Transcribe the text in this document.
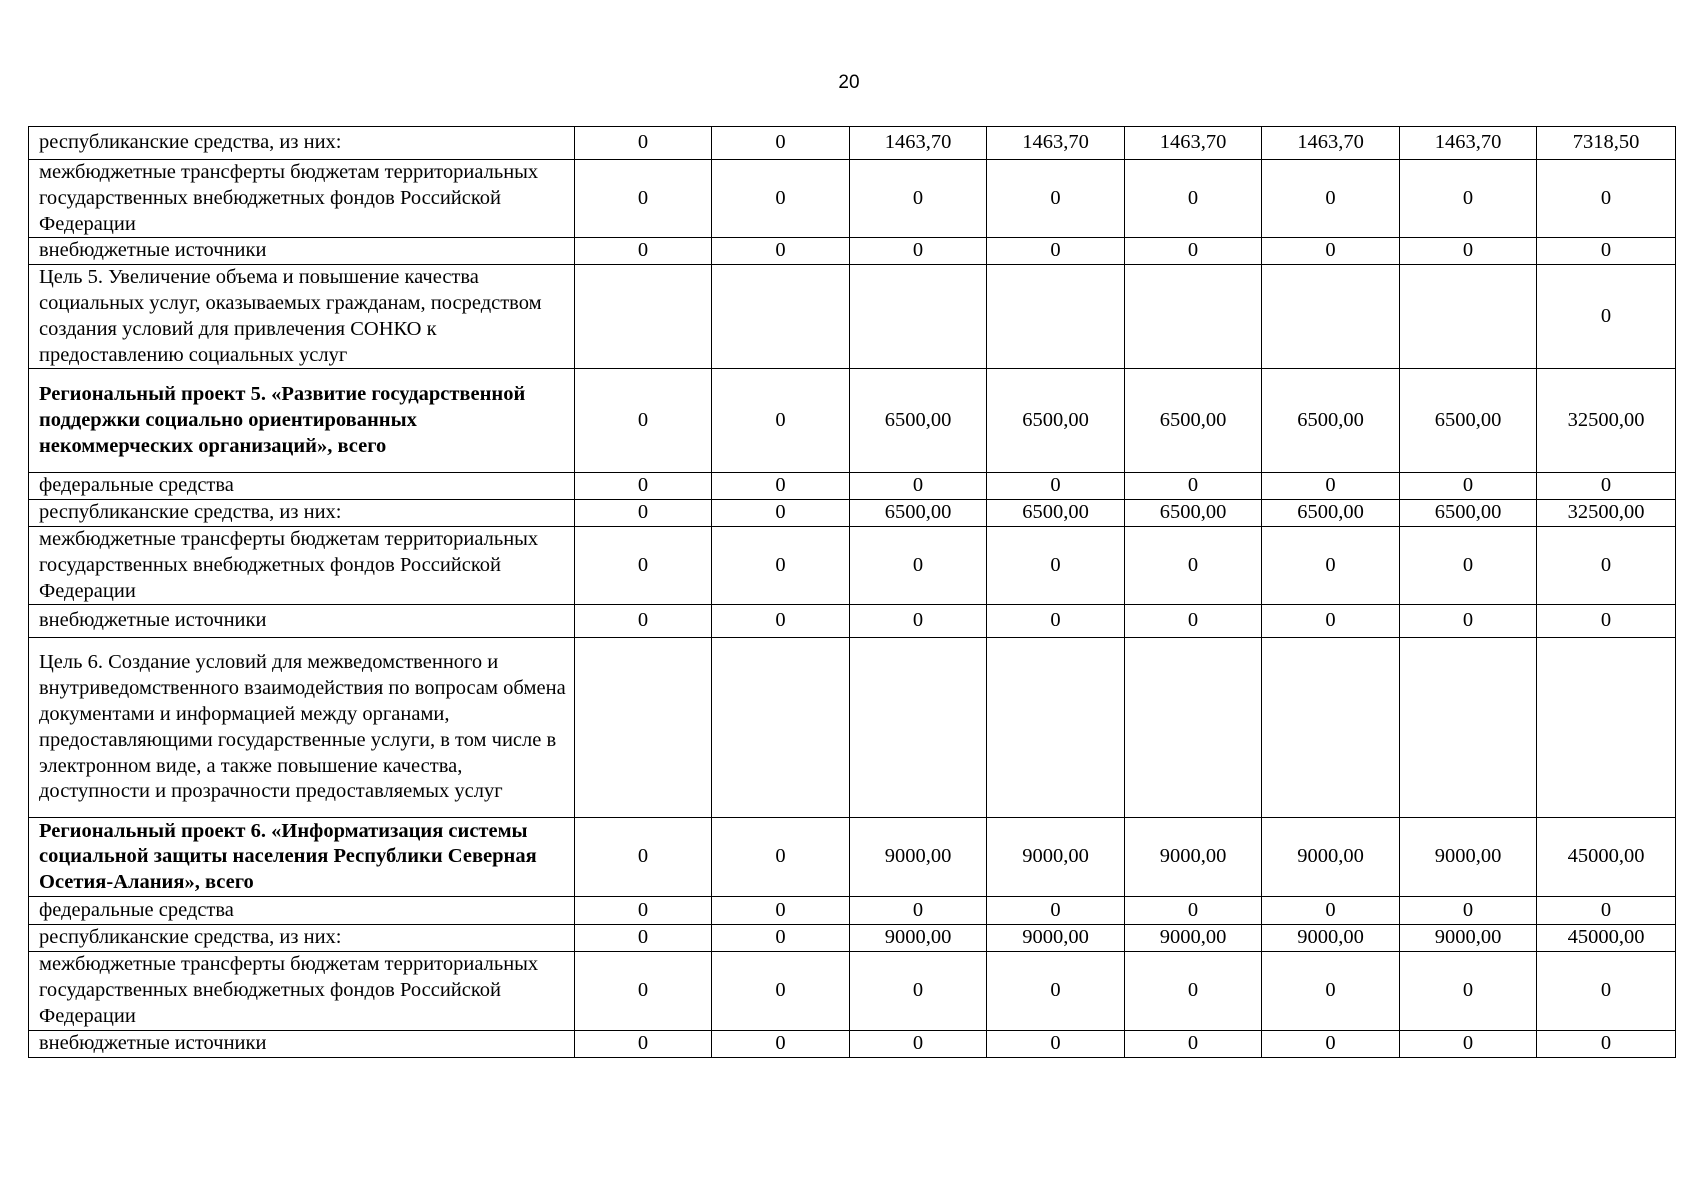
20
республиканские средства, из них:	0	0	1463,70	1463,70	1463,70	1463,70	1463,70	7318,50
межбюджетные трансферты бюджетам территориальных государственных внебюджетных фондов Российской Федерации	0	0	0	0	0	0	0	0
внебюджетные источники	0	0	0	0	0	0	0	0
Цель 5. Увеличение объема и повышение качества социальных услуг, оказываемых гражданам, посредством создания условий для привлечения СОНКО к предоставлению социальных услуг								0
Региональный проект 5. «Развитие государственной поддержки социально ориентированных некоммерческих организаций», всего	0	0	6500,00	6500,00	6500,00	6500,00	6500,00	32500,00
федеральные средства	0	0	0	0	0	0	0	0
республиканские средства, из них:	0	0	6500,00	6500,00	6500,00	6500,00	6500,00	32500,00
межбюджетные трансферты бюджетам территориальных государственных внебюджетных фондов Российской Федерации	0	0	0	0	0	0	0	0
внебюджетные источники	0	0	0	0	0	0	0	0
Цель 6. Создание условий для межведомственного и внутриведомственного взаимодействия по вопросам обмена документами и информацией между органами, предоставляющими государственные услуги, в том числе в электронном виде, а также повышение качества, доступности и прозрачности предоставляемых услуг								
Региональный проект 6. «Информатизация системы социальной защиты населения Республики Северная Осетия-Алания», всего	0	0	9000,00	9000,00	9000,00	9000,00	9000,00	45000,00
федеральные средства	0	0	0	0	0	0	0	0
республиканские средства, из них:	0	0	9000,00	9000,00	9000,00	9000,00	9000,00	45000,00
межбюджетные трансферты бюджетам территориальных государственных внебюджетных фондов Российской Федерации	0	0	0	0	0	0	0	0
внебюджетные источники	0	0	0	0	0	0	0	0
